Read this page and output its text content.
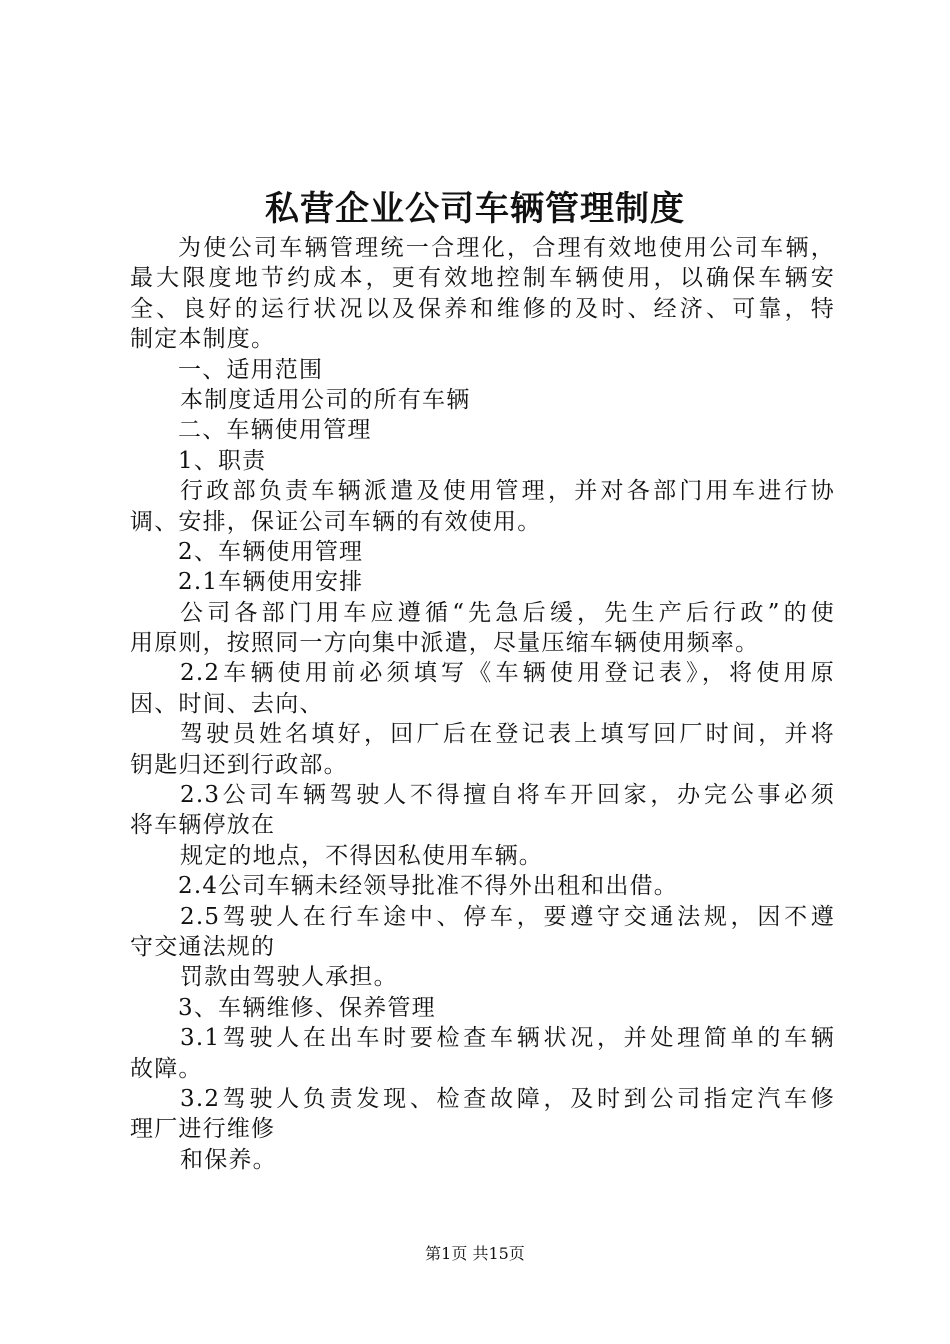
私营企业公司车辆管理制度
为使公司车辆管理统一合理化，合理有效地使用公司车辆，
最大限度地节约成本，更有效地控制车辆使用，以确保车辆安
全、良好的运行状况以及保养和维修的及时、经济、可靠，特
制定本制度。
一、适用范围
本制度适用公司的所有车辆
二、车辆使用管理
1、职责
行政部负责车辆派遣及使用管理，并对各部门用车进行协
调、安排，保证公司车辆的有效使用。
2、车辆使用管理
2.1车辆使用安排
公司各部门用车应遵循“先急后缓，先生产后行政”的使
用原则，按照同一方向集中派遣，尽量压缩车辆使用频率。
2.2车辆使用前必须填写《车辆使用登记表》，将使用原
因、时间、去向、
驾驶员姓名填好，回厂后在登记表上填写回厂时间，并将
钥匙归还到行政部。
2.3公司车辆驾驶人不得擅自将车开回家，办完公事必须
将车辆停放在
规定的地点，不得因私使用车辆。
2.4公司车辆未经领导批准不得外出租和出借。
2.5驾驶人在行车途中、停车，要遵守交通法规，因不遵
守交通法规的
罚款由驾驶人承担。
3、车辆维修、保养管理
3.1驾驶人在出车时要检查车辆状况，并处理简单的车辆
故障。
3.2驾驶人负责发现、检查故障，及时到公司指定汽车修
理厂进行维修
和保养。
第1页 共15页
